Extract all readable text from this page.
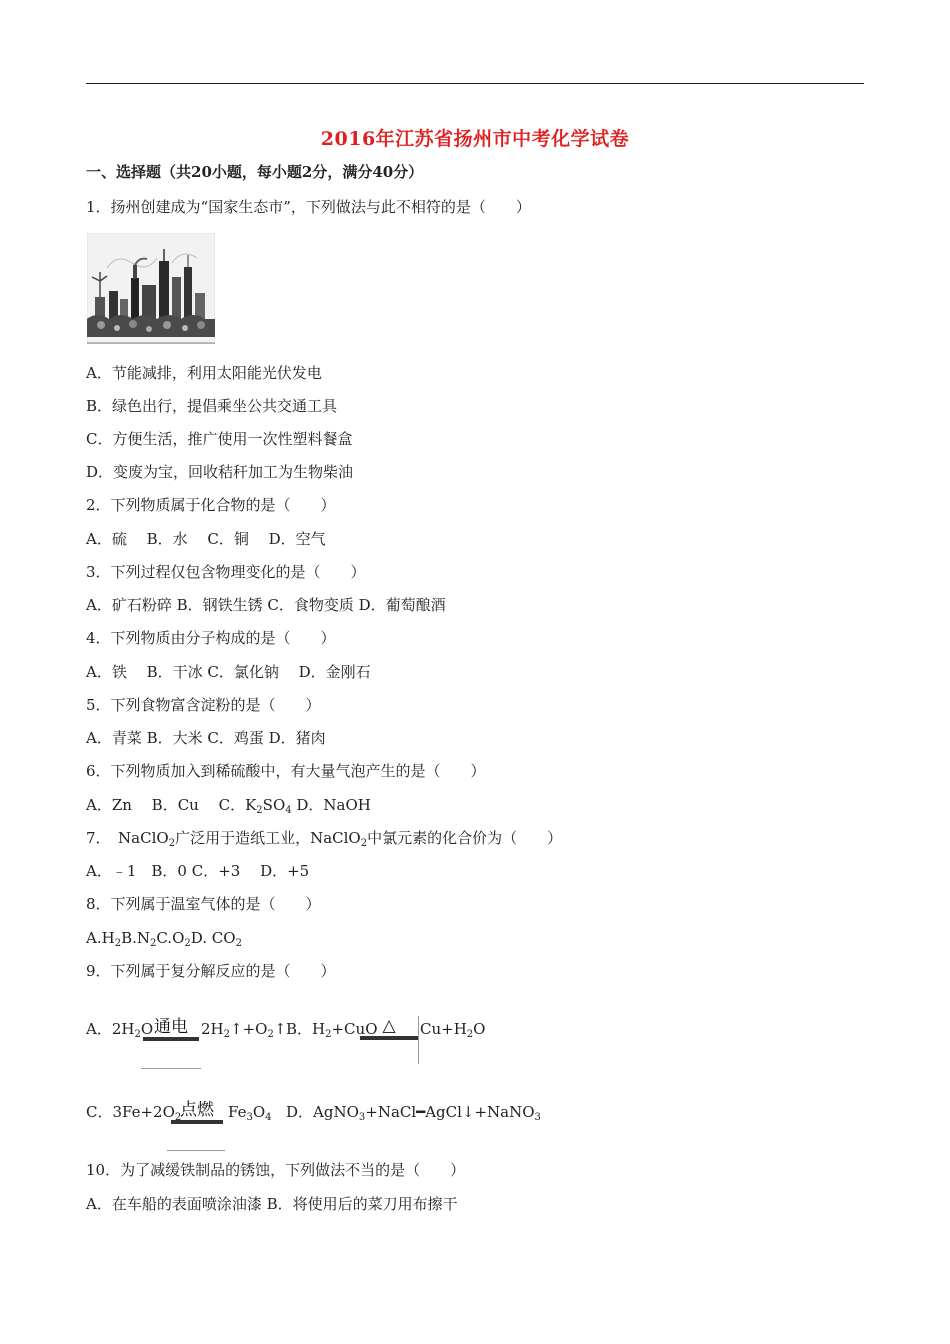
2016年江苏省扬州市中考化学试卷
一、选择题（共20小题，每小题2分，满分40分）
1．扬州创建成为“国家生态市”，下列做法与此不相符的是（　　）
A．节能减排，利用太阳能光伏发电
B．绿色出行，提倡乘坐公共交通工具
C．方便生活，推广使用一次性塑料餐盒
D．变废为宝，回收秸秆加工为生物柴油
2．下列物质属于化合物的是（　　）
A．硫　 B．水　 C．铜　 D．空气
3．下列过程仅包含物理变化的是（　　）
A．矿石粉碎 B．钢铁生锈 C．食物变质 D．葡萄酿酒
4．下列物质由分子构成的是（　　）
A．铁　 B．干冰 C．氯化钠　 D．金刚石
5．下列食物富含淀粉的是（　　）
A．青菜 B．大米 C．鸡蛋 D．猪肉
6．下列物质加入到稀硫酸中，有大量气泡产生的是（　　）
A．Zn　 B．Cu　 C．$K_2SO_4$ D．NaOH
7．　NaClO$_2$广泛用于造纸工业，NaClO$_2$中氯元素的化合价为（　　）
A．﹣1　B．0 C．+3　 D．+5
8．下列属于温室气体的是（　　）
$A.H_2B.N_2C.O_2D$. $CO_2$
9．下列属于复分解反应的是（　　）
A．$2H_2O$ 通电 $2H_2↑+O_2↑$ B．$H_2+CuO$ △	$Cu+H_2O$
C．$3Fe+2O_2$
点燃 $Fe_3O_4$ D．AgNO$_3$+NaCl━AgCl↓+NaNO$_3$
10．为了减缓铁制品的锈蚀，下列做法不当的是（　　）
A．在车船的表面喷涂油漆 B．将使用后的菜刀用布擦干
